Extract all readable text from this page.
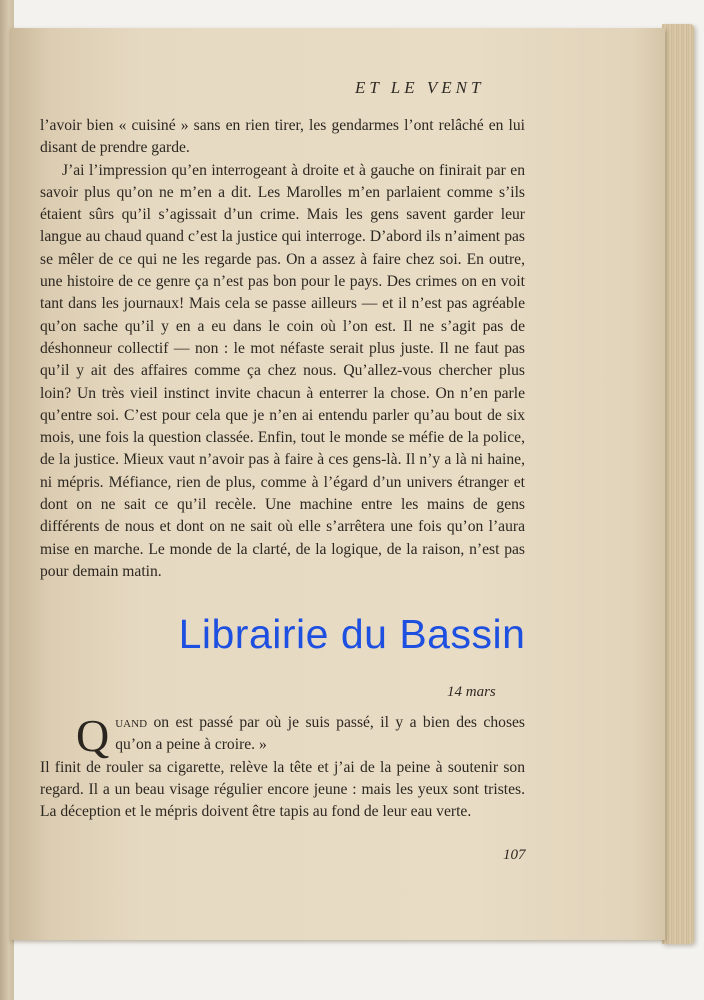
ET LE VENT

l’avoir bien « cuisiné » sans en rien tirer, les gendarmes l’ont relâché en lui disant de prendre garde.

J’ai l’impression qu’en interrogeant à droite et à gauche on finirait par en savoir plus qu’on ne m’en a dit. Les Marolles m’en parlaient comme s’ils étaient sûrs qu’il s’agissait d’un crime. Mais les gens savent garder leur langue au chaud quand c’est la justice qui interroge. D’abord ils n’aiment pas se mêler de ce qui ne les regarde pas. On a assez à faire chez soi. En outre, une histoire de ce genre ça n’est pas bon pour le pays. Des crimes on en voit tant dans les journaux! Mais cela se passe ailleurs — et il n’est pas agréable qu’on sache qu’il y en a eu dans le coin où l’on est. Il ne s’agit pas de déshonneur collectif — non : le mot néfaste serait plus juste. Il ne faut pas qu’il y ait des affaires comme ça chez nous. Qu’allez-vous chercher plus loin? Un très vieil instinct invite chacun à enterrer la chose. On n’en parle qu’entre soi. C’est pour cela que je n’en ai entendu parler qu’au bout de six mois, une fois la question classée. Enfin, tout le monde se méfie de la police, de la justice. Mieux vaut n’avoir pas à faire à ces gens-là. Il n’y a là ni haine, ni mépris. Méfiance, rien de plus, comme à l’égard d’un univers étranger et dont on ne sait ce qu’il recèle. Une machine entre les mains de gens différents de nous et dont on ne sait où elle s’arrêtera une fois qu’on l’aura mise en marche. Le monde de la clarté, de la logique, de la raison, n’est pas pour demain matin.

Librairie du Bassin
14 mars

Quand on est passé par où je suis passé, il y a bien des choses qu’on a peine à croire. »

Il finit de rouler sa cigarette, relève la tête et j’ai de la peine à soutenir son regard. Il a un beau visage régulier encore jeune : mais les yeux sont tristes. La déception et le mépris doivent être tapis au fond de leur eau verte.

107
